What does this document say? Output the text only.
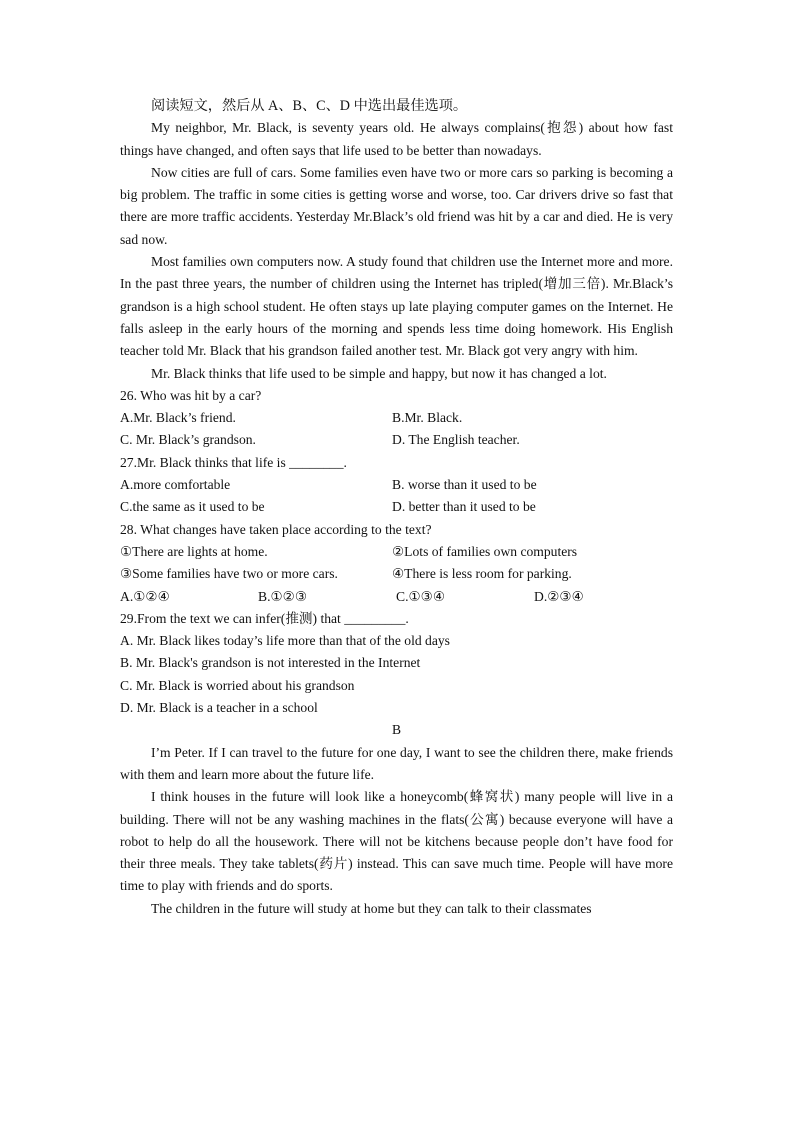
阅读短文，然后从 A、B、C、D 中选出最佳选项。

My neighbor, Mr. Black, is seventy years old. He always complains(抱怨) about how fast things have changed, and often says that life used to be better than nowadays.

Now cities are full of cars. Some families even have two or more cars so parking is becoming a big problem. The traffic in some cities is getting worse and worse, too. Car drivers drive so fast that there are more traffic accidents. Yesterday Mr.Black’s old friend was hit by a car and died. He is very sad now.

Most families own computers now. A study found that children use the Internet more and more. In the past three years, the number of children using the Internet has tripled(增加三倍). Mr.Black’s grandson is a high school student. He often stays up late playing computer games on the Internet. He falls asleep in the early hours of the morning and spends less time doing homework. His English teacher told Mr. Black that his grandson failed another test. Mr. Black got very angry with him.

Mr. Black thinks that life used to be simple and happy, but now it has changed a lot.

26. Who was hit by a car?

A.Mr. Black’s friend.	B.Mr. Black.
C. Mr. Black’s grandson.	D. The English teacher.

27.Mr. Black thinks that life is ________.

A.more comfortable	B. worse than it used to be
C.the same as it used to be	D. better than it used to be

28. What changes have taken place according to the text?

①There are lights at home.	②Lots of families own computers
③Some families have two or more cars.	④There is less room for parking.
A.①②④	B.①②③	C.①③④	D.②③④

29.From the text we can infer(推测) that _________.

A. Mr. Black likes today’s life more than that of the old days

B. Mr. Black's grandson is not interested in the Internet

C. Mr. Black is worried about his grandson

D. Mr. Black is a teacher in a school

B

I’m Peter. If I can travel to the future for one day, I want to see the children there, make friends with them and learn more about the future life.

I think houses in the future will look like a honeycomb(蜂窝状) many people will live in a building. There will not be any washing machines in the flats(公寓) because everyone will have a robot to help do all the housework. There will not be kitchens because people don’t have food for their three meals. They take tablets(药片) instead. This can save much time. People will have more time to play with friends and do sports.

The children in the future will study at home but they can talk to their classmates
